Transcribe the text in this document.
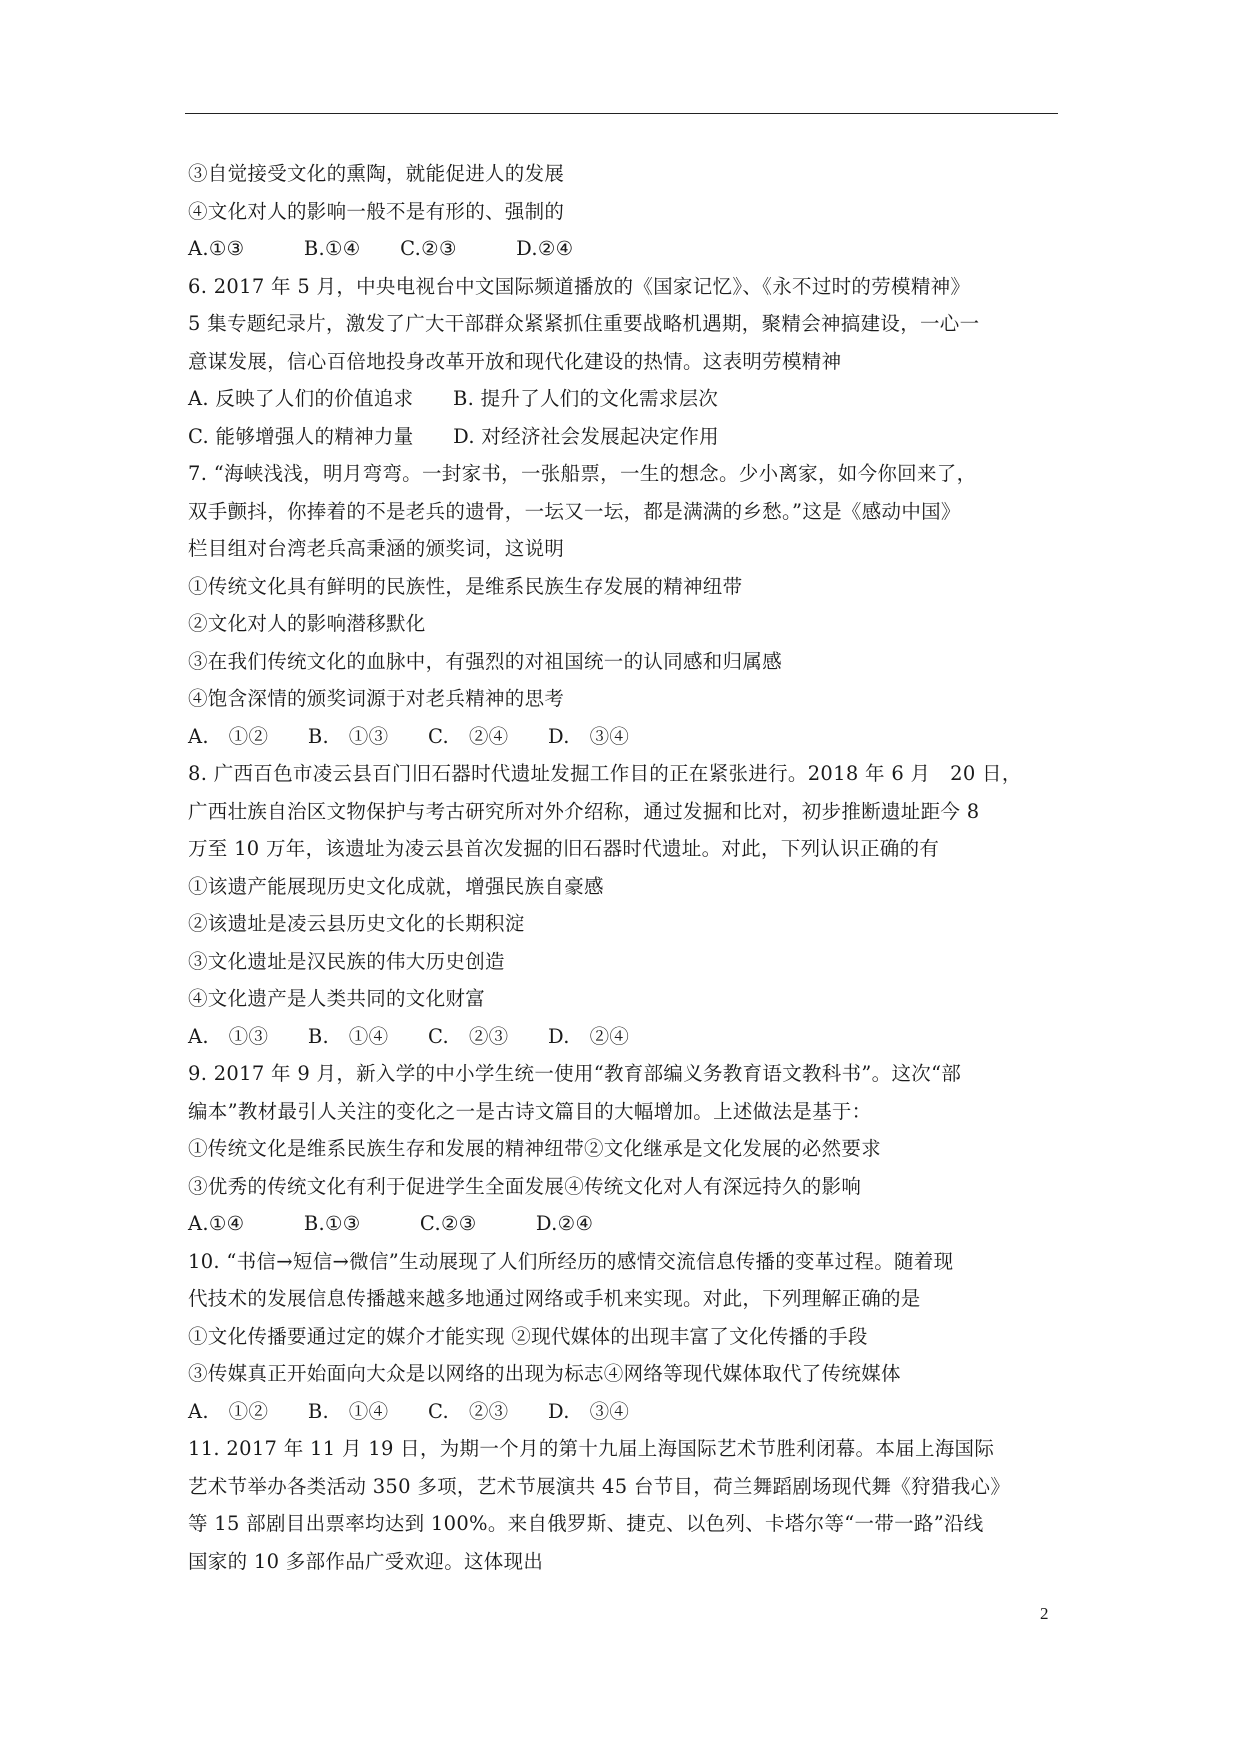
③自觉接受文化的熏陶，就能促进人的发展
④文化对人的影响一般不是有形的、强制的
A.①③　　　B.①④　　C.②③　　　D.②④
6. 2017 年 5 月，中央电视台中文国际频道播放的《国家记忆》、《永不过时的劳模精神》
5 集专题纪录片，激发了广大干部群众紧紧抓住重要战略机遇期，聚精会神搞建设，一心一
意谋发展，信心百倍地投身改革开放和现代化建设的热情。这表明劳模精神
A. 反映了人们的价值追求　　B. 提升了人们的文化需求层次
C. 能够增强人的精神力量　　D. 对经济社会发展起决定作用
7. “海峡浅浅，明月弯弯。一封家书，一张船票，一生的想念。少小离家，如今你回来了，
双手颤抖，你捧着的不是老兵的遗骨，一坛又一坛，都是满满的乡愁。”这是《感动中国》
栏目组对台湾老兵高秉涵的颁奖词，这说明
①传统文化具有鲜明的民族性，是维系民族生存发展的精神纽带
②文化对人的影响潜移默化
③在我们传统文化的血脉中，有强烈的对祖国统一的认同感和归属感
④饱含深情的颁奖词源于对老兵精神的思考
A.　①②　　B.　①③　　C.　②④　　D.　③④
8. 广西百色市凌云县百门旧石器时代遗址发掘工作目的正在紧张进行。2018 年 6 月　20 日，
广西壮族自治区文物保护与考古研究所对外介绍称，通过发掘和比对，初步推断遗址距今 8
万至 10 万年，该遗址为凌云县首次发掘的旧石器时代遗址。对此，下列认识正确的有
①该遗产能展现历史文化成就，增强民族自豪感
②该遗址是凌云县历史文化的长期积淀
③文化遗址是汉民族的伟大历史创造
④文化遗产是人类共同的文化财富
A.　①③　　B.　①④　　C.　②③　　D.　②④
9. 2017 年 9 月，新入学的中小学生统一使用“教育部编义务教育语文教科书”。这次“部
编本”教材最引人关注的变化之一是古诗文篇目的大幅增加。上述做法是基于：
①传统文化是维系民族生存和发展的精神纽带②文化继承是文化发展的必然要求
③优秀的传统文化有利于促进学生全面发展④传统文化对人有深远持久的影响
A.①④　　　B.①③　　　C.②③　　　D.②④
10. “书信→短信→微信”生动展现了人们所经历的感情交流信息传播的变革过程。随着现
代技术的发展信息传播越来越多地通过网络或手机来实现。对此，下列理解正确的是
①文化传播要通过定的媒介才能实现 ②现代媒体的出现丰富了文化传播的手段
③传媒真正开始面向大众是以网络的出现为标志④网络等现代媒体取代了传统媒体
A.　①②　　B.　①④　　C.　②③　　D.　③④
11. 2017 年 11 月 19 日，为期一个月的第十九届上海国际艺术节胜利闭幕。本届上海国际
艺术节举办各类活动 350 多项，艺术节展演共 45 台节目，荷兰舞蹈剧场现代舞《狩猎我心》
等 15 部剧目出票率均达到 100%。来自俄罗斯、捷克、以色列、卡塔尔等“一带一路”沿线
国家的 10 多部作品广受欢迎。这体现出
2
